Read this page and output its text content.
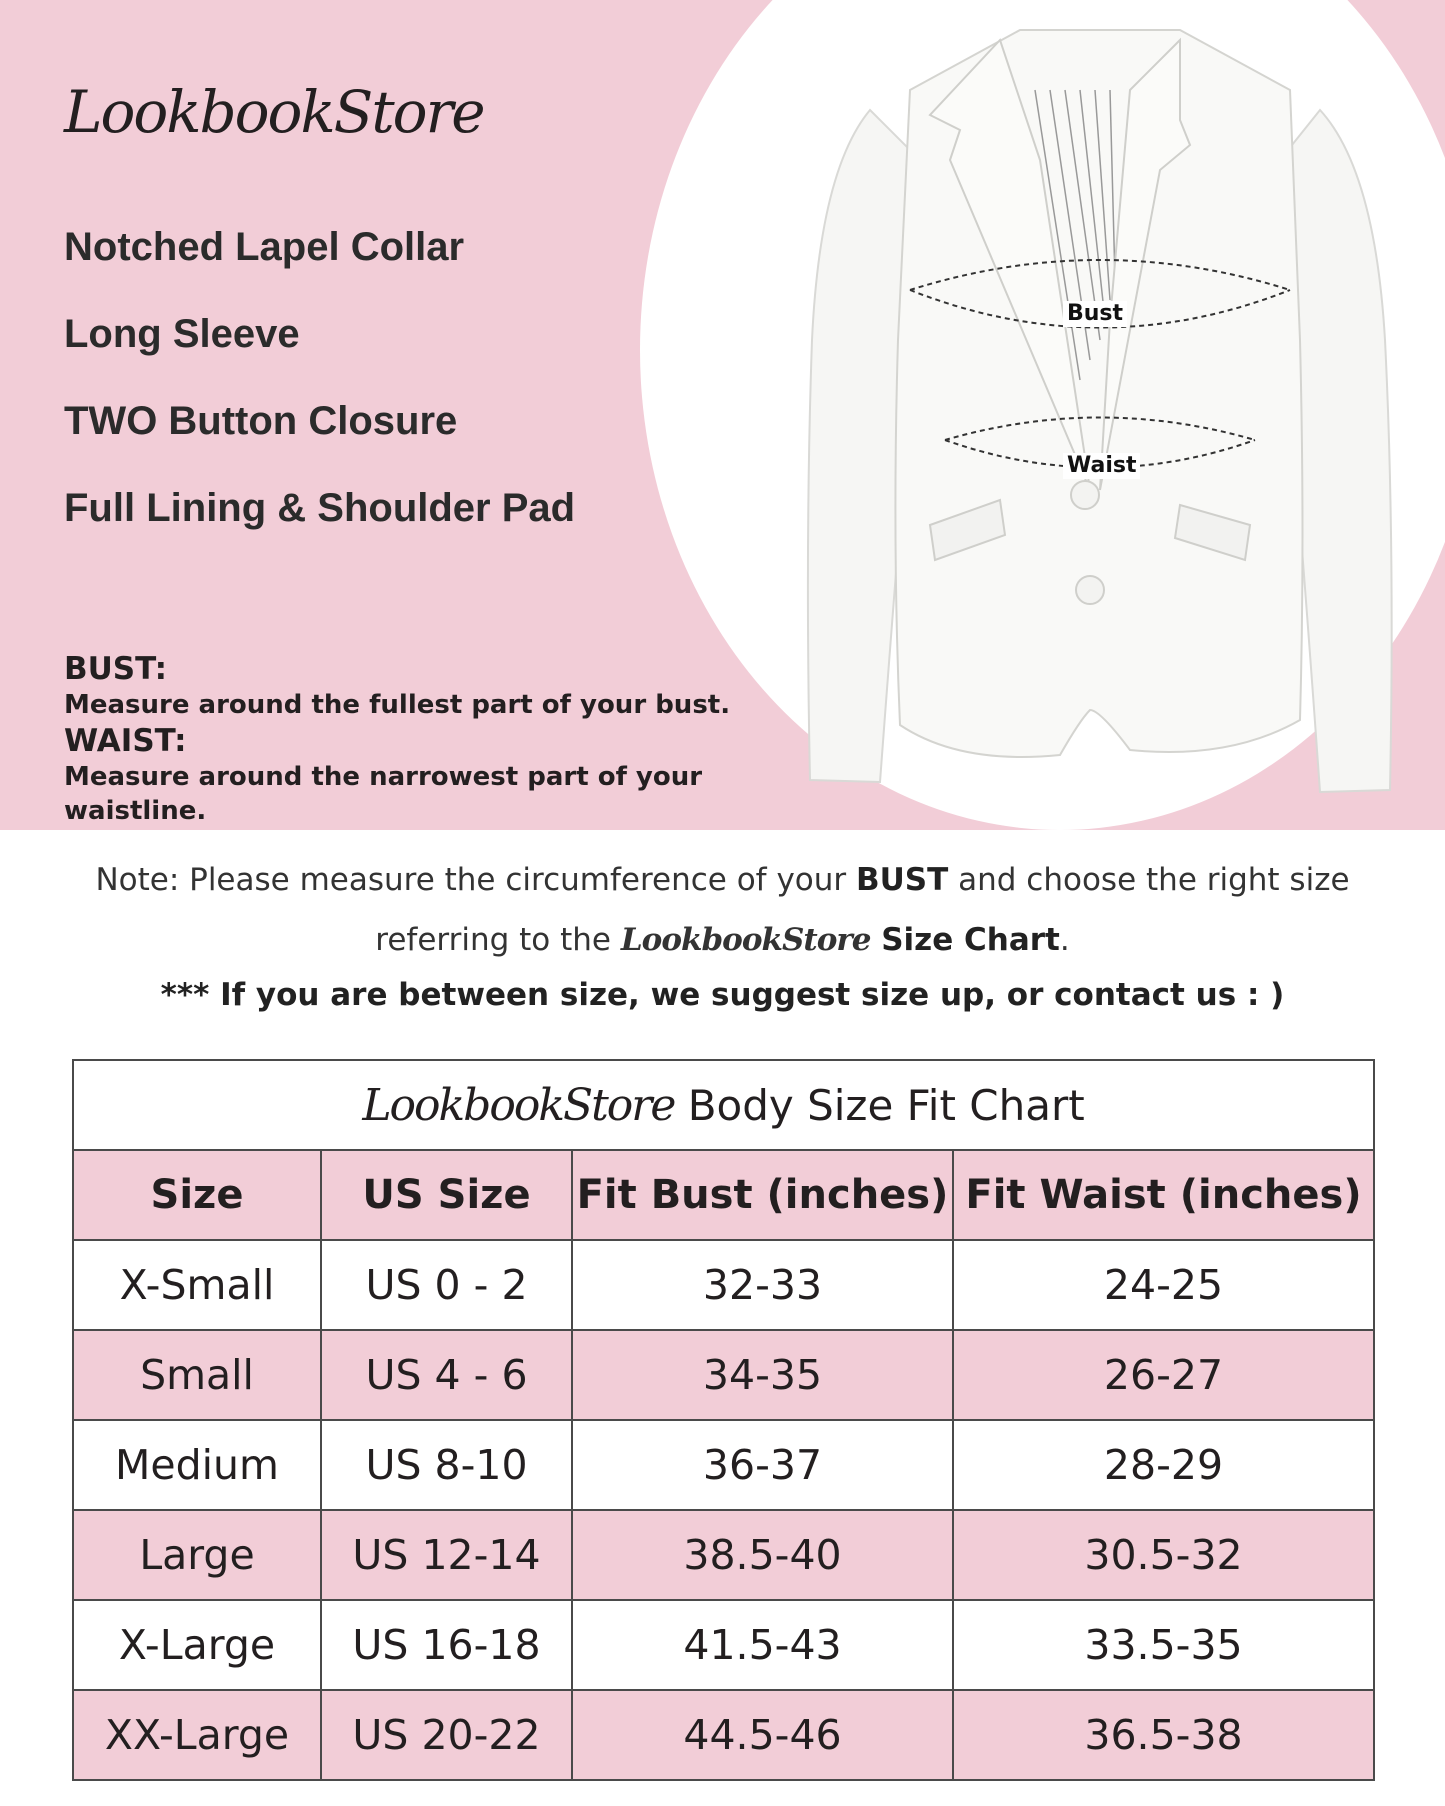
LookbookStore
Notched Lapel Collar
Long Sleeve
TWO Button Closure
Full Lining & Shoulder Pad
Bust
Waist
BUST:
Measure around the fullest part of your bust.
WAIST:
Measure around the narrowest part of your waistline.
Note: Please measure the circumference of your BUST and choose the right size
referring to the LookbookStore Size Chart.
*** If you are between size, we suggest size up, or contact us : )
LookbookStore Body Size Fit Chart			
Size	US Size	Fit Bust (inches)	Fit Waist (inches)
X-Small	US 0 - 2	32-33	24-25
Small	US 4 - 6	34-35	26-27
Medium	US 8-10	36-37	28-29
Large	US 12-14	38.5-40	30.5-32
X-Large	US 16-18	41.5-43	33.5-35
XX-Large	US 20-22	44.5-46	36.5-38
